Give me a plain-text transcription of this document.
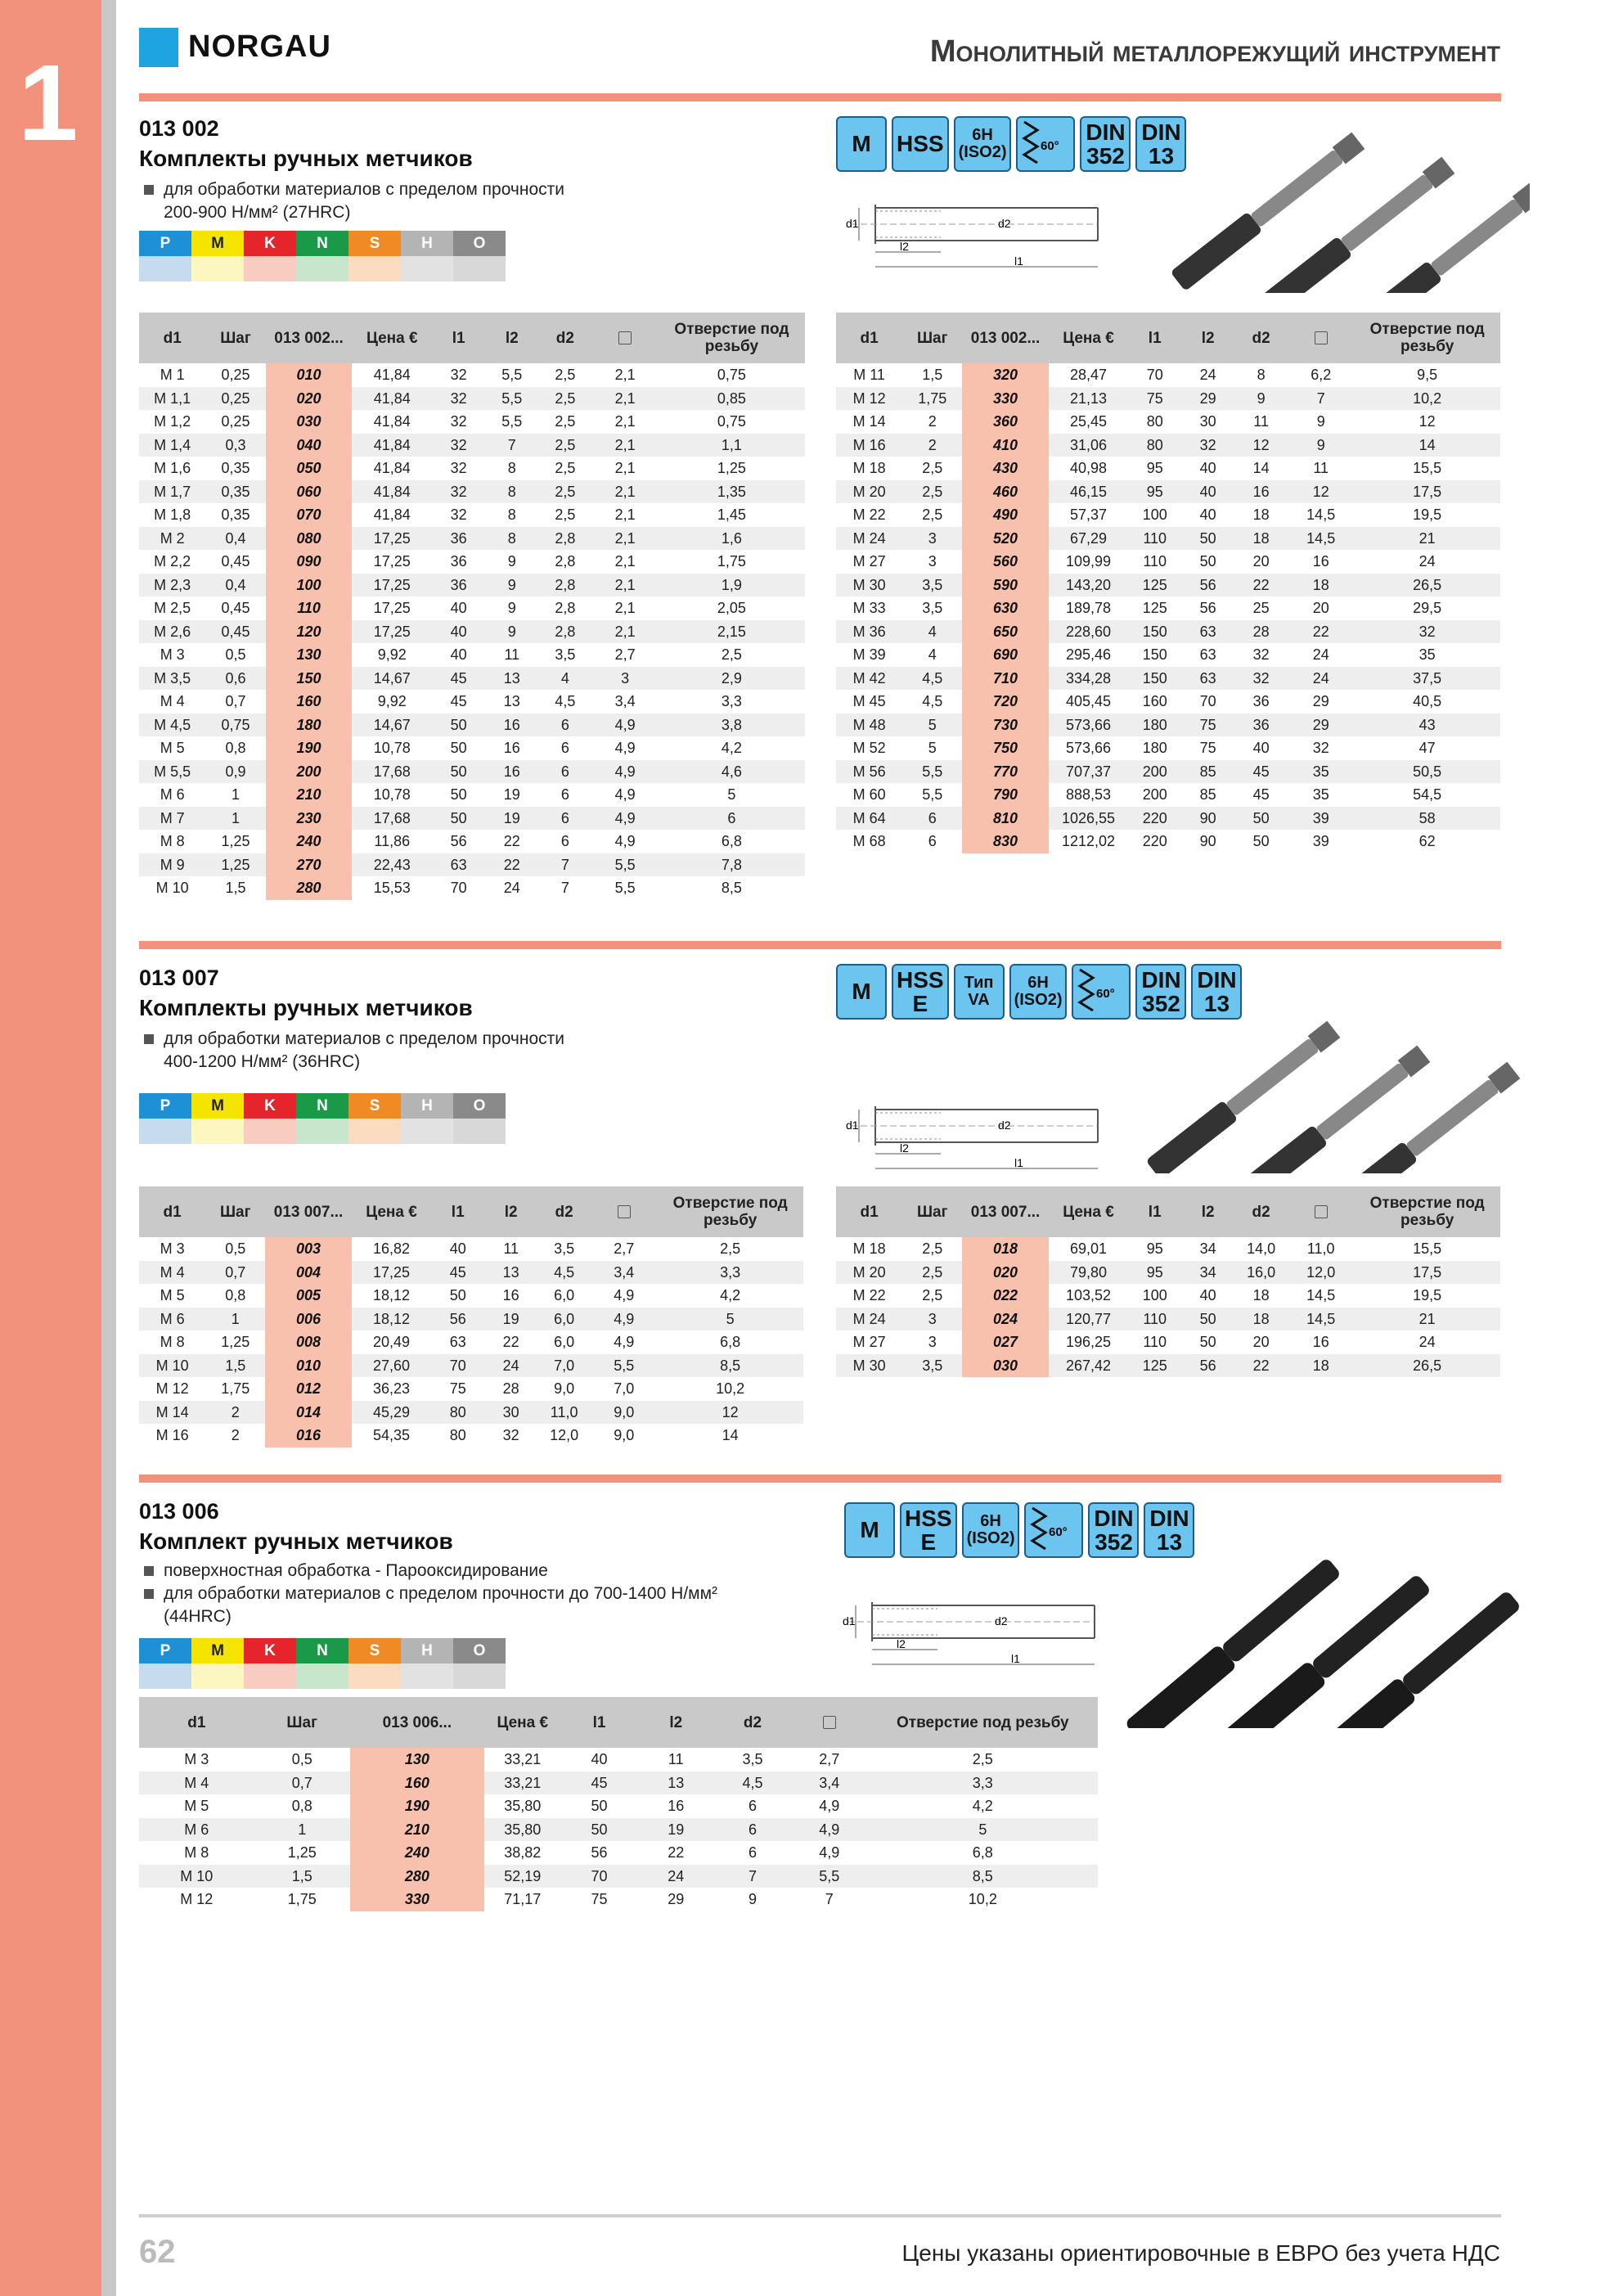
1	NORGAU	Монолитный металлорежущий инструмент
013 002
Комплекты ручных метчиков
для обработки материалов с пределом прочности 200-900 Н/мм² (27HRC)
P	M	K	N	S	H	O

M HSS 6H
(ISO2)	60°
DIN
352
DIN
13
d1	d2
l2
l1
d1	Шаг	013 002...	Цена €	l1	l2	d2		Отверстие под резьбу
M 1	0,25	010	41,84	32	5,5	2,5	2,1	0,75
M 1,1	0,25	020	41,84	32	5,5	2,5	2,1	0,85
M 1,2	0,25	030	41,84	32	5,5	2,5	2,1	0,75
M 1,4	0,3	040	41,84	32	7	2,5	2,1	1,1
M 1,6	0,35	050	41,84	32	8	2,5	2,1	1,25
M 1,7	0,35	060	41,84	32	8	2,5	2,1	1,35
M 1,8	0,35	070	41,84	32	8	2,5	2,1	1,45
M 2	0,4	080	17,25	36	8	2,8	2,1	1,6
M 2,2	0,45	090	17,25	36	9	2,8	2,1	1,75
M 2,3	0,4	100	17,25	36	9	2,8	2,1	1,9
M 2,5	0,45	110	17,25	40	9	2,8	2,1	2,05
M 2,6	0,45	120	17,25	40	9	2,8	2,1	2,15
M 3	0,5	130	9,92	40	11	3,5	2,7	2,5
M 3,5	0,6	150	14,67	45	13	4	3	2,9
M 4	0,7	160	9,92	45	13	4,5	3,4	3,3
M 4,5	0,75	180	14,67	50	16	6	4,9	3,8
M 5	0,8	190	10,78	50	16	6	4,9	4,2
M 5,5	0,9	200	17,68	50	16	6	4,9	4,6
M 6	1	210	10,78	50	19	6	4,9	5
M 7	1	230	17,68	50	19	6	4,9	6
M 8	1,25	240	11,86	56	22	6	4,9	6,8
M 9	1,25	270	22,43	63	22	7	5,5	7,8
M 10	1,5	280	15,53	70	24	7	5,5	8,5
d1	Шаг	013 002...	Цена €	l1	l2	d2		Отверстие под резьбу
M 11	1,5	320	28,47	70	24	8	6,2	9,5
M 12	1,75	330	21,13	75	29	9	7	10,2
M 14	2	360	25,45	80	30	11	9	12
M 16	2	410	31,06	80	32	12	9	14
M 18	2,5	430	40,98	95	40	14	11	15,5
M 20	2,5	460	46,15	95	40	16	12	17,5
M 22	2,5	490	57,37	100	40	18	14,5	19,5
M 24	3	520	67,29	110	50	18	14,5	21
M 27	3	560	109,99	110	50	20	16	24
M 30	3,5	590	143,20	125	56	22	18	26,5
M 33	3,5	630	189,78	125	56	25	20	29,5
M 36	4	650	228,60	150	63	28	22	32
M 39	4	690	295,46	150	63	32	24	35
M 42	4,5	710	334,28	150	63	32	24	37,5
M 45	4,5	720	405,45	160	70	36	29	40,5
M 48	5	730	573,66	180	75	36	29	43
M 52	5	750	573,66	180	75	40	32	47
M 56	5,5	770	707,37	200	85	45	35	50,5
M 60	5,5	790	888,53	200	85	45	35	54,5
M 64	6	810	1026,55	220	90	50	39	58
M 68	6	830	1212,02	220	90	50	39	62
013 007
Комплекты ручных метчиков
для обработки материалов с пределом прочности 400-1200 Н/мм² (36HRC)
P	M	K	N	S	H	O

M HSS
E
Тип
VA
6H
(ISO2)	60°
DIN
352
DIN
13
d1	d2
l2
l1
d1	Шаг	013 007...	Цена €	l1	l2	d2		Отверстие под резьбу
M 3	0,5	003	16,82	40	11	3,5	2,7	2,5
M 4	0,7	004	17,25	45	13	4,5	3,4	3,3
M 5	0,8	005	18,12	50	16	6,0	4,9	4,2
M 6	1	006	18,12	56	19	6,0	4,9	5
M 8	1,25	008	20,49	63	22	6,0	4,9	6,8
M 10	1,5	010	27,60	70	24	7,0	5,5	8,5
M 12	1,75	012	36,23	75	28	9,0	7,0	10,2
M 14	2	014	45,29	80	30	11,0	9,0	12
M 16	2	016	54,35	80	32	12,0	9,0	14
d1	Шаг	013 007...	Цена €	l1	l2	d2		Отверстие под резьбу
M 18	2,5	018	69,01	95	34	14,0	11,0	15,5
M 20	2,5	020	79,80	95	34	16,0	12,0	17,5
M 22	2,5	022	103,52	100	40	18	14,5	19,5
M 24	3	024	120,77	110	50	18	14,5	21
M 27	3	027	196,25	110	50	20	16	24
M 30	3,5	030	267,42	125	56	22	18	26,5
013 006
Комплект ручных метчиков
поверхностная обработка - Парооксидирование
для обработки материалов с пределом прочности до 700-1400 Н/мм² (44HRC)
P	M	K	N	S	H	O

M HSS
E
6H
(ISO2)	60°
DIN
352
DIN
13
d1	d2
l2
l1
d1	Шаг	013 006...	Цена €	l1	l2	d2		Отверстие под резьбу
M 3	0,5	130	33,21	40	11	3,5	2,7	2,5
M 4	0,7	160	33,21	45	13	4,5	3,4	3,3
M 5	0,8	190	35,80	50	16	6	4,9	4,2
M 6	1	210	35,80	50	19	6	4,9	5
M 8	1,25	240	38,82	56	22	6	4,9	6,8
M 10	1,5	280	52,19	70	24	7	5,5	8,5
M 12	1,75	330	71,17	75	29	9	7	10,2
62	Цены указаны ориентировочные в ЕВРО без учета НДС
